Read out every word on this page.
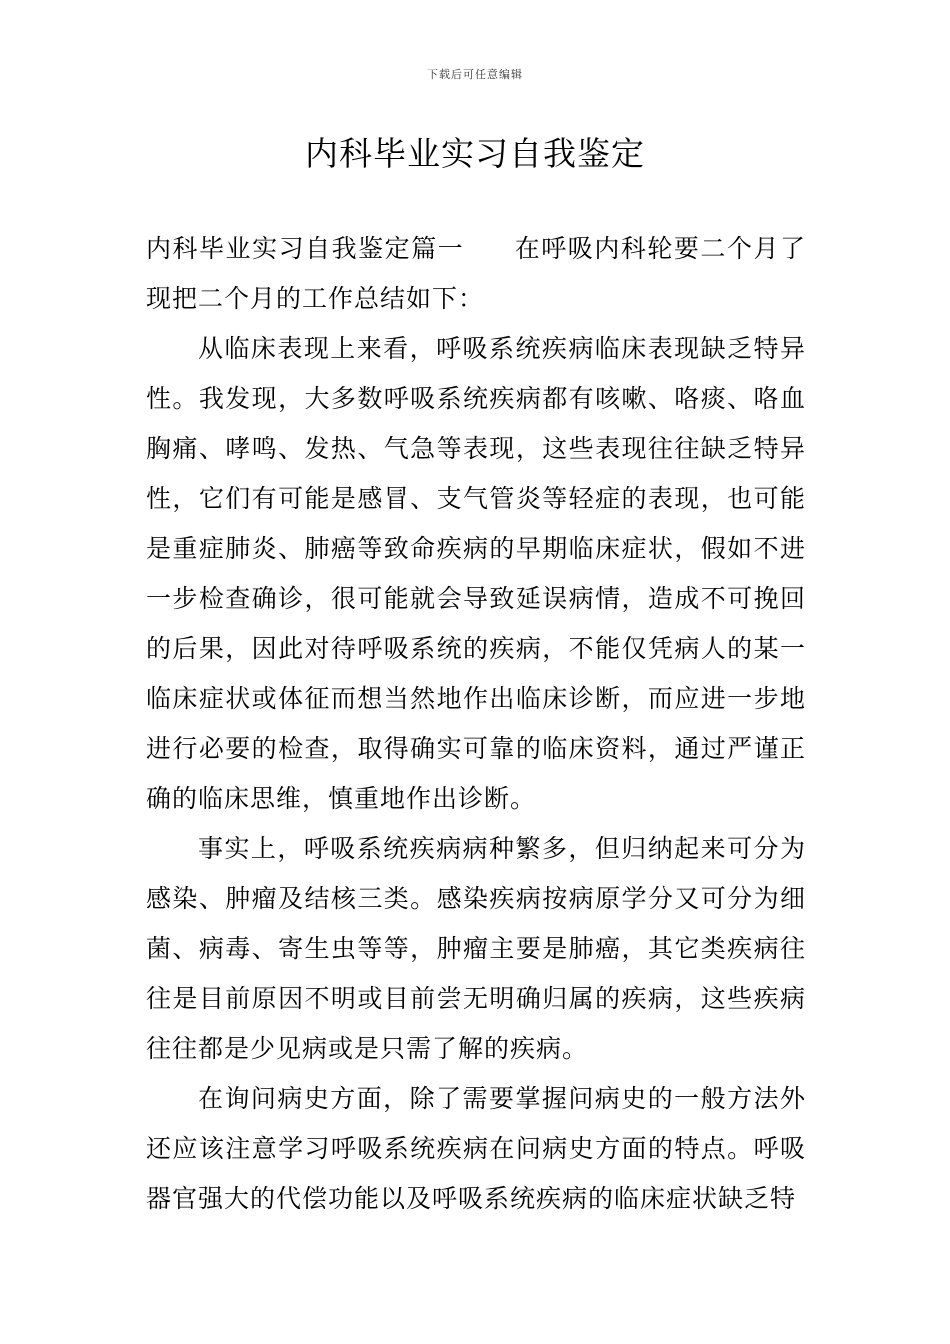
下载后可任意编辑
内科毕业实习自我鉴定

内科毕业实习自我鉴定篇一 在呼吸内科轮要二个月了现把二个月的工作总结如下：

从临床表现上来看，呼吸系统疾病临床表现缺乏特异性。我发现，大多数呼吸系统疾病都有咳嗽、咯痰、咯血胸痛、哮鸣、发热、气急等表现，这些表现往往缺乏特异性，它们有可能是感冒、支气管炎等轻症的表现，也可能是重症肺炎、肺癌等致命疾病的早期临床症状，假如不进一步检查确诊，很可能就会导致延误病情，造成不可挽回的后果，因此对待呼吸系统的疾病，不能仅凭病人的某一临床症状或体征而想当然地作出临床诊断，而应进一步地进行必要的检查，取得确实可靠的临床资料，通过严谨正确的临床思维，慎重地作出诊断。

事实上，呼吸系统疾病病种繁多，但归纳起来可分为感染、肿瘤及结核三类。感染疾病按病原学分又可分为细菌、病毒、寄生虫等等，肿瘤主要是肺癌，其它类疾病往往是目前原因不明或目前尝无明确归属的疾病，这些疾病往往都是少见病或是只需了解的疾病。

在询问病史方面，除了需要掌握问病史的一般方法外还应该注意学习呼吸系统疾病在问病史方面的特点。呼吸器官强大的代偿功能以及呼吸系统疾病的临床症状缺乏特
